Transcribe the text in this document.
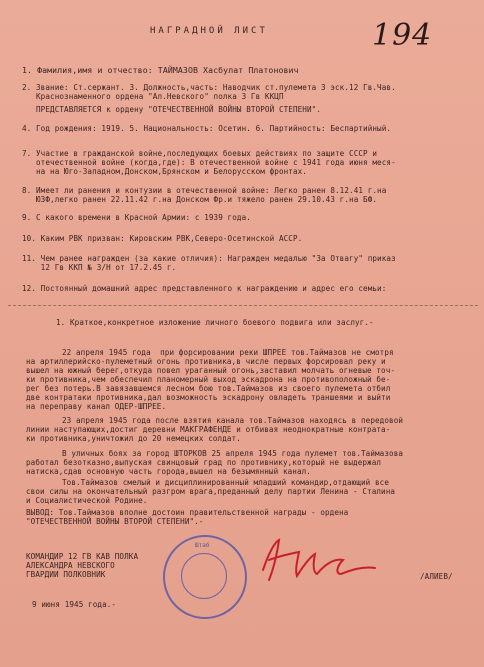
НАГРАДНОЙ ЛИСТ	194
1. Фамилия,имя и отчество: ТАЙМАЗОВ Хасбулат Платонович
2. Звание: Ст.сержант. 3. Должность,часть: Наводчик ст.пулемета 3 эск.12 Гв.Чав.
Краснознаменного ордена "Ал.Невского" полка 3 Гв ККЦП
ПРЕДСТАВЛЯЕТСЯ к ордену "ОТЕЧЕСТВЕННОЙ ВОЙНЫ ВТОРОЙ СТЕПЕНИ".
4. Год рождения: 1919. 5. Национальность: Осетин. 6. Партийность: Беспартийный.
7. Участие в гражданской войне,последующих боевых действиях по защите СССР и
отечественной войне (когда,где): В отечественной войне с 1941 года июня меся-
на на Юго-Западном,Донском,Брянском и Белорусском фронтах.
8. Имеет ли ранения и контузии в отечественной войне: Легко ранен 8.12.41 г.на
ЮЗФ,легко ранен 22.11.42 г.на Донском Фр.и тяжело ранен 29.10.43 г.на БФ.
9. С какого времени в Красной Армии: с 1939 года.
10. Каким РВК призван: Кировским РВК,Северо-Осетинской АССР.
11. Чем ранее награжден (за какие отличия): Награжден медалью "За Отвагу" приказ
12 Гв ККП № 3/Н от 17.2.45 г.
12. Постоянный домашний адрес представленного к награждению и адрес его семьи:
1. Краткое,конкретное изложение личного боевого подвига или заслуг.-
22 апреля 1945 года  при форсировании реки ШПРЕЕ тов.Таймазов не смотря
на артиллерийско-пулеметный огонь противника,в числе первых форсировал реку и
вышел на южный берег,откуда повел ураганный огонь,заставил молчать огневые точ-
ки противника,чем обеспечил планомерный выход эскадрона на противоположный бе-
рег без потерь.В завязавшемся лесном бою тов.Таймазов из своего пулемета отбил
две контратаки противника,дал возможность эскадрону овладеть траншеями и выйти
на переправу канал ОДЕР-ШПРЕЕ.
23 апреля 1945 года после взятия канала тов.Таймазов находясь в передовой
линии наступающих,достиг деревни МАКГРАФЕНДЕ и отбивая неоднократные контрата-
ки противника,уничтожил до 20 немецких солдат.
В уличных боях за город ШТОРКОВ 25 апреля 1945 года пулемет тов.Таймазова
работал безотказно,выпуская свинцовый град по противнику,который не выдержал
натиска,сдав основную часть города,вышел на безымянный канал.
Тов.Таймазов смелый и дисциплинированный младший командир,отдающий все
свои силы на окончательный разгром врага,преданный делу партии Ленина - Сталина
и Социалистической Родине.
ВЫВОД: Тов.Таймазов вполне достоин правительственной награды - ордена
"ОТЕЧЕСТВЕННОЙ ВОЙНЫ ВТОРОЙ СТЕПЕНИ".-
КОМАНДИР 12 ГВ КАВ ПОЛКА
АЛЕКСАНДРА НЕВСКОГО
ГВАРДИИ ПОЛКОВНИК
Штаб
/АЛИЕВ/
9 июня 1945 года.-
